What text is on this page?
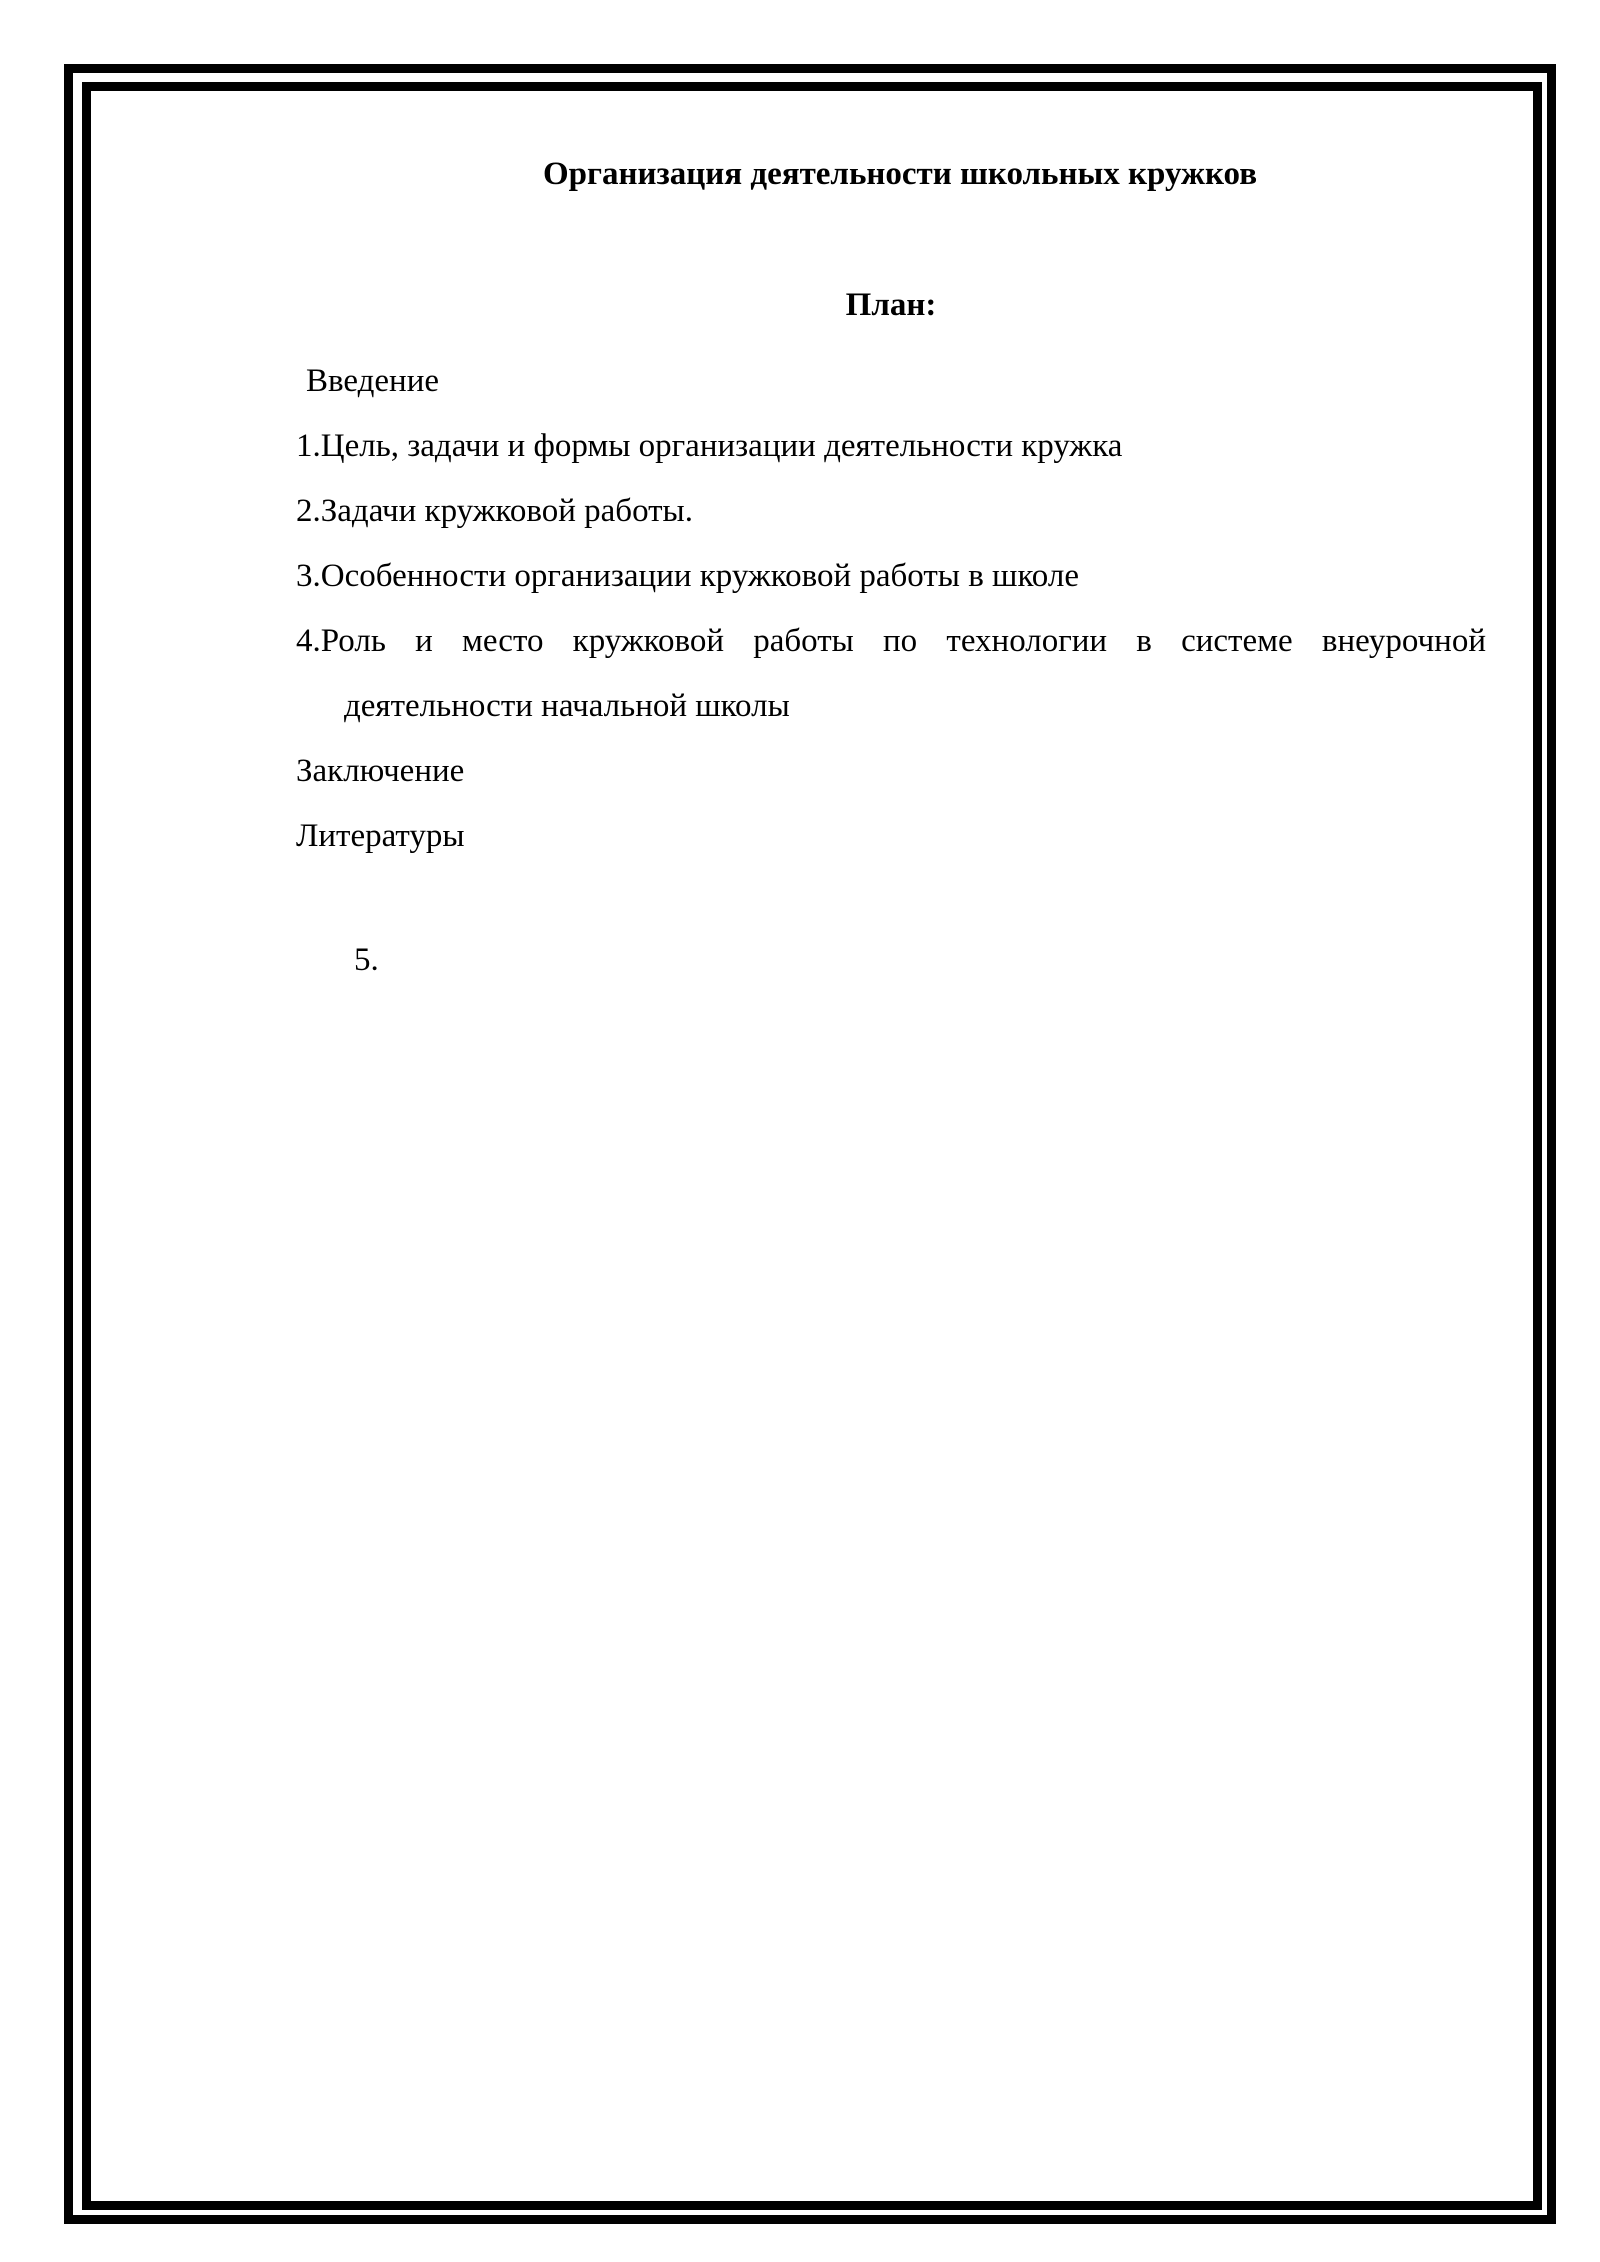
Организация деятельности школьных кружков
План:
Введение
1.Цель, задачи и формы организации деятельности кружка
2.Задачи кружковой работы.
3.Особенности организации кружковой работы в школе
4.Роль и место кружковой работы по технологии в системе внеурочной
деятельности начальной школы
Заключение
Литературы
5.
